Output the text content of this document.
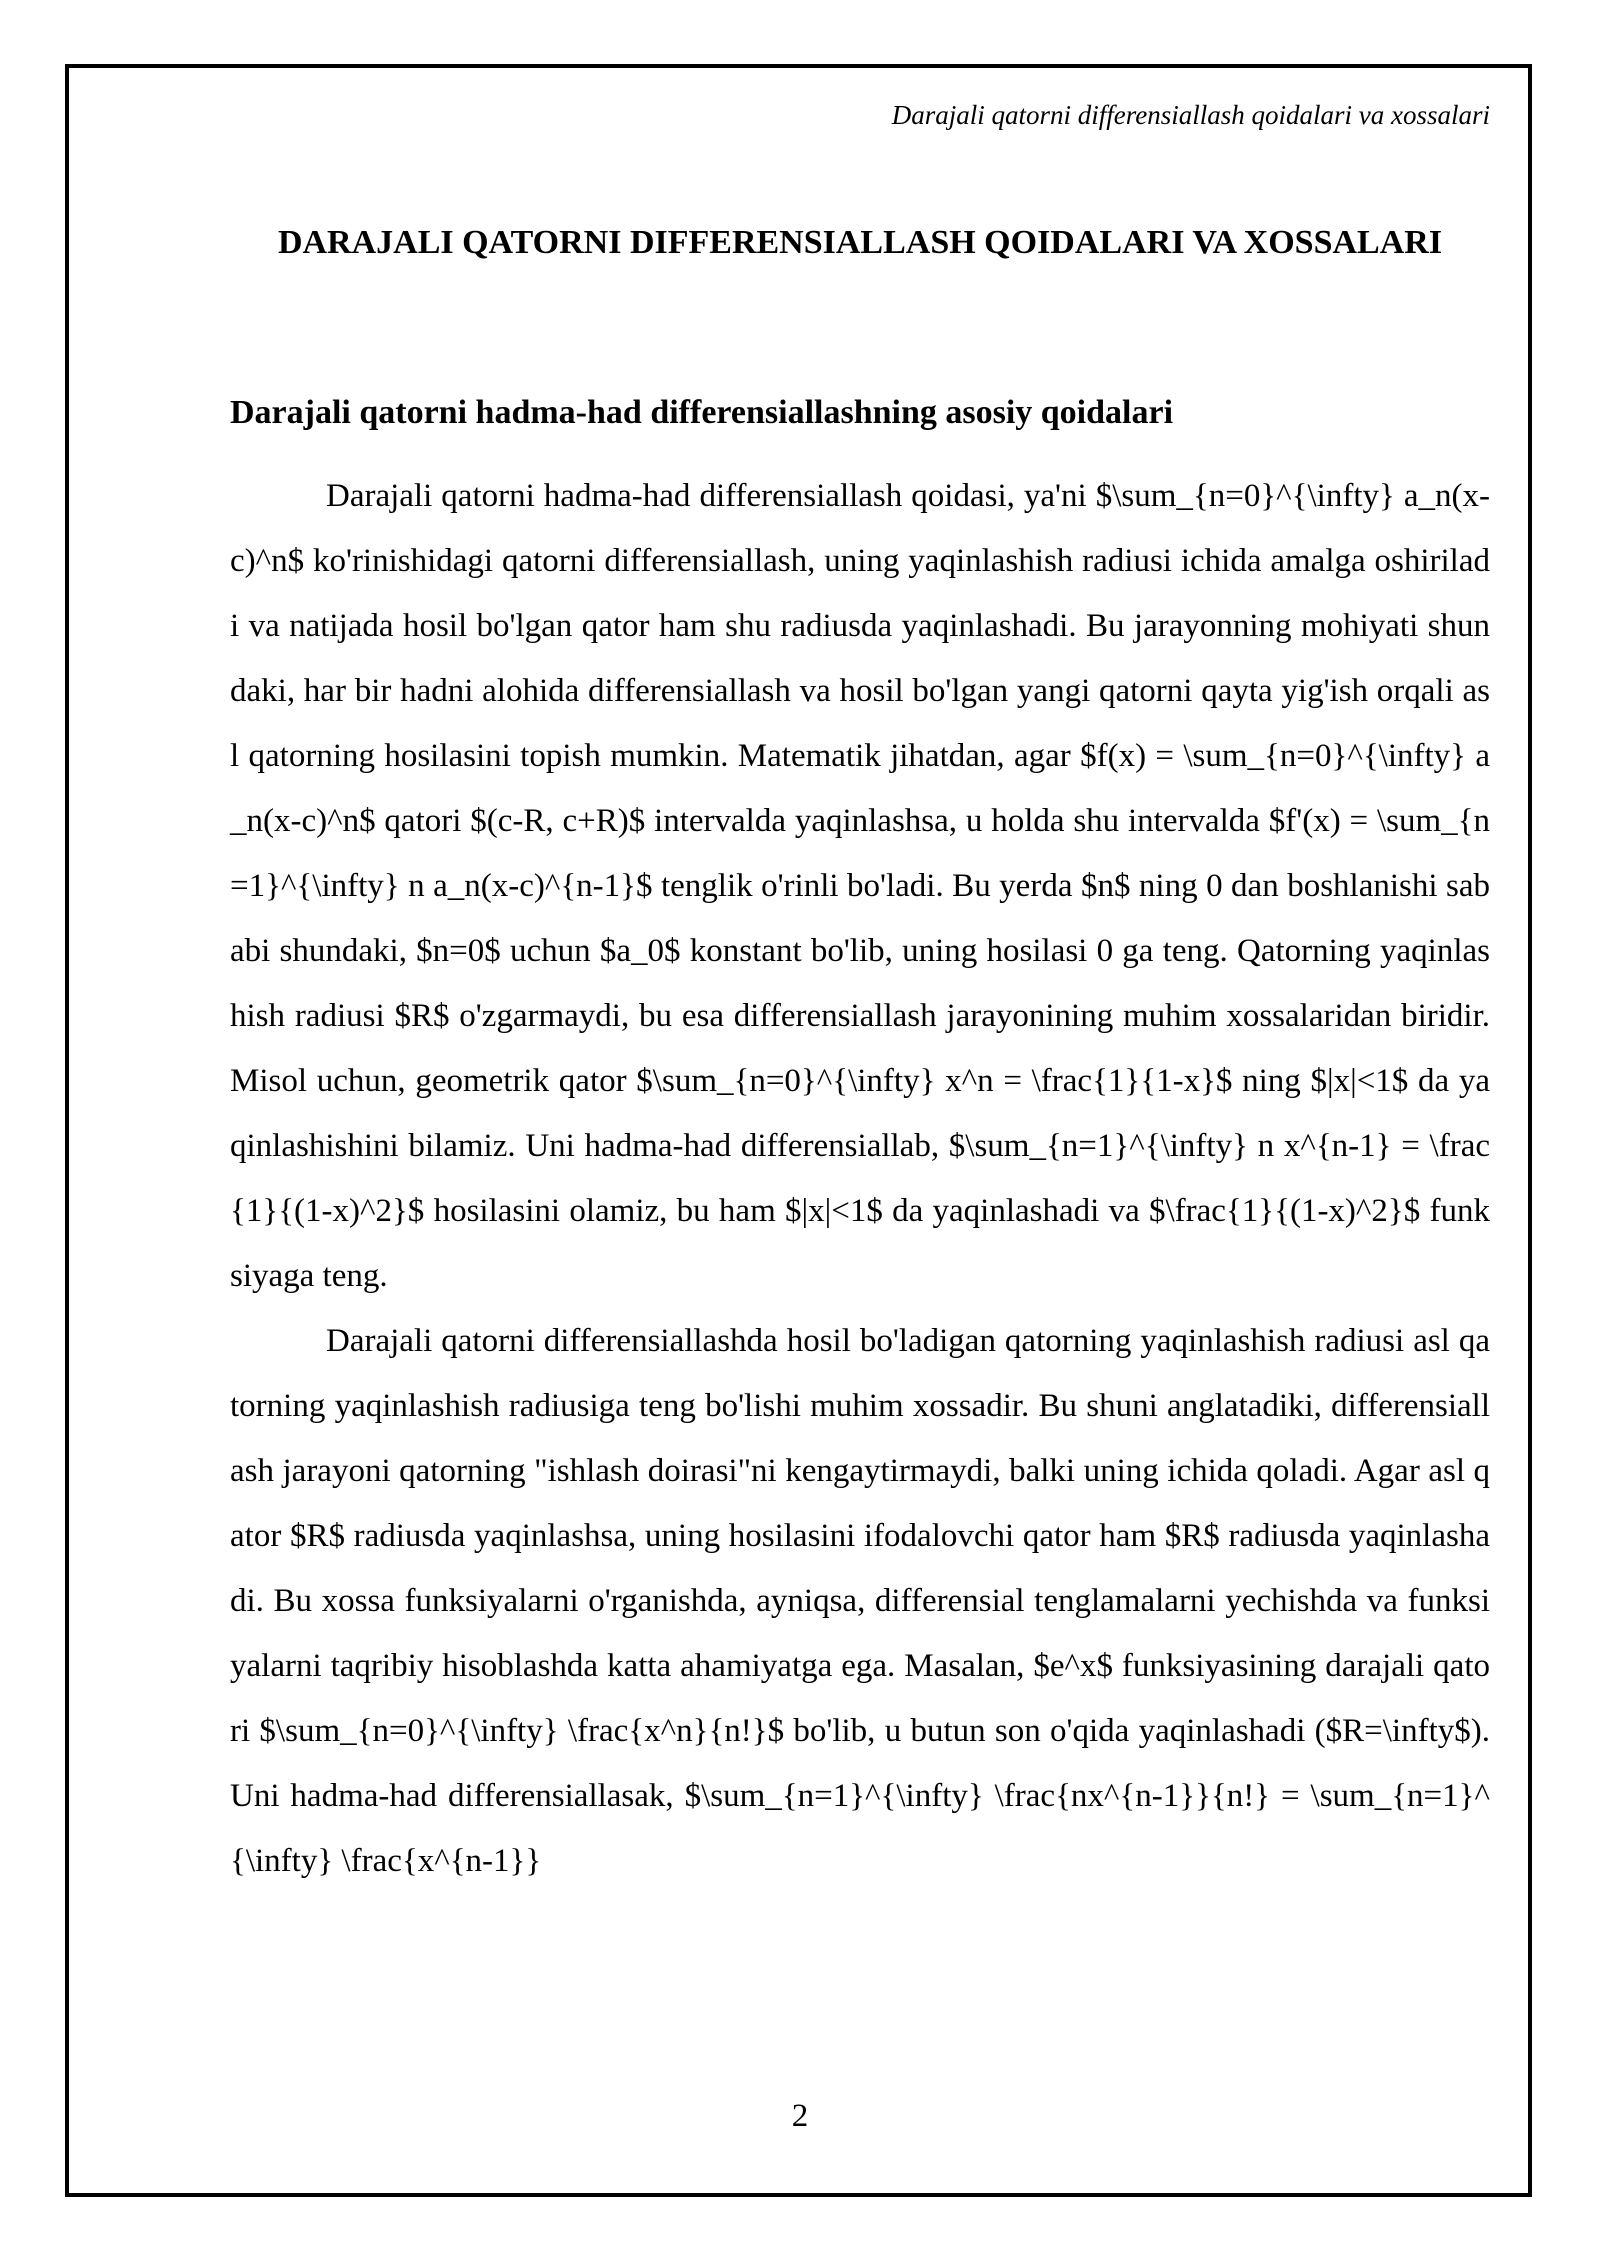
Darajali qatorni differensiallash qoidalari va xossalari
DARAJALI QATORNI DIFFERENSIALLASH QOIDALARI VA XOSSALARI
Darajali qatorni hadma-had differensiallashning asosiy qoidalari

Darajali qatorni hadma-had differensiallash qoidasi, ya'ni $\sum_{n=0}^{\infty} a_n(x-c)^n$ ko'rinishidagi qatorni differensiallash, uning yaqinlashish radiusi ichida amalga oshiriladi va natijada hosil bo'lgan qator ham shu radiusda yaqinlashadi. Bu jarayonning mohiyati shundaki, har bir hadni alohida differensiallash va hosil bo'lgan yangi qatorni qayta yig'ish orqali asl qatorning hosilasini topish mumkin. Matematik jihatdan, agar $f(x) = \sum_{n=0}^{\infty} a_n(x-c)^n$ qatori $(c-R, c+R)$ intervalda yaqinlashsa, u holda shu intervalda $f'(x) = \sum_{n=1}^{\infty} n a_n(x-c)^{n-1}$ tenglik o'rinli bo'ladi. Bu yerda $n$ ning 0 dan boshlanishi sababi shundaki, $n=0$ uchun $a_0$ konstant bo'lib, uning hosilasi 0 ga teng. Qatorning yaqinlashish radiusi $R$ o'zgarmaydi, bu esa differensiallash jarayonining muhim xossalaridan biridir. Misol uchun, geometrik qator $\sum_{n=0}^{\infty} x^n = \frac{1}{1-x}$ ning $|x|<1$ da yaqinlashishini bilamiz. Uni hadma-had differensiallab, $\sum_{n=1}^{\infty} n x^{n-1} = \frac{1}{(1-x)^2}$ hosilasini olamiz, bu ham $|x|<1$ da yaqinlashadi va $\frac{1}{(1-x)^2}$ funksiyaga teng.

Darajali qatorni differensiallashda hosil bo'ladigan qatorning yaqinlashish radiusi asl qatorning yaqinlashish radiusiga teng bo'lishi muhim xossadir. Bu shuni anglatadiki, differensiallash jarayoni qatorning "ishlash doirasi"ni kengaytirmaydi, balki uning ichida qoladi. Agar asl qator $R$ radiusda yaqinlashsa, uning hosilasini ifodalovchi qator ham $R$ radiusda yaqinlashadi. Bu xossa funksiyalarni o'rganishda, ayniqsa, differensial tenglamalarni yechishda va funksiyalarni taqribiy hisoblashda katta ahamiyatga ega. Masalan, $e^x$ funksiyasining darajali qatori $\sum_{n=0}^{\infty} \frac{x^n}{n!}$ bo'lib, u butun son o'qida yaqinlashadi ($R=\infty$). Uni hadma-had differensiallasak, $\sum_{n=1}^{\infty} \frac{nx^{n-1}}{n!} = \sum_{n=1}^{\infty} \frac{x^{n-1}}

2
